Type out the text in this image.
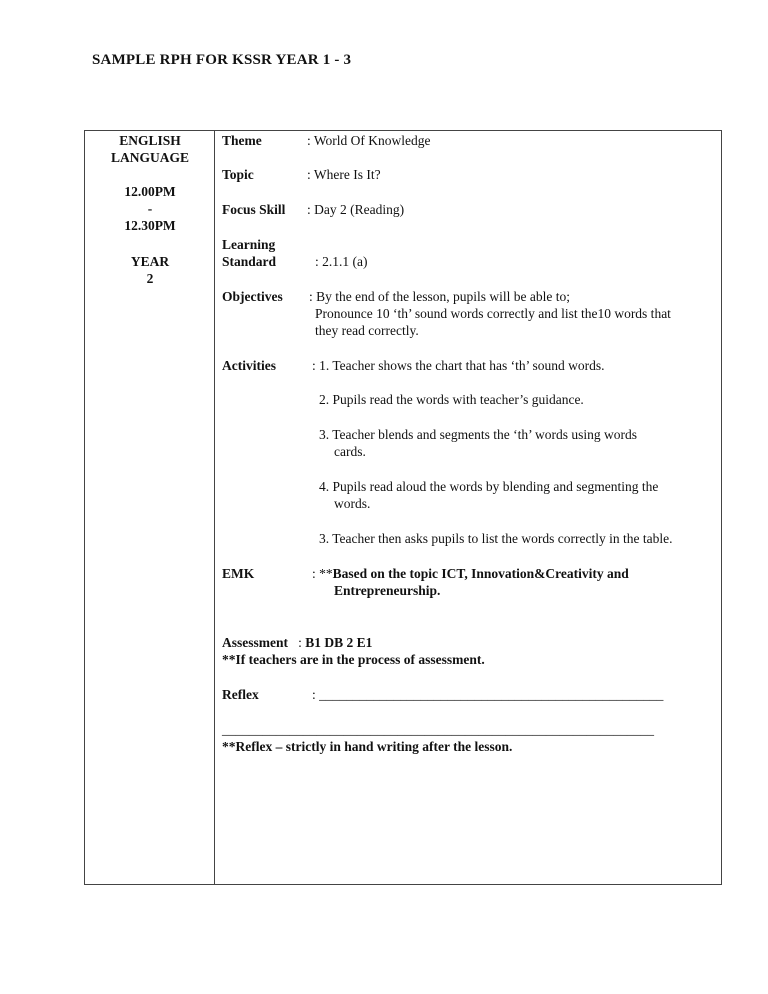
SAMPLE RPH FOR KSSR YEAR 1 - 3
ENGLISH
LANGUAGE
12.00PM
-
12.30PM
YEAR
2
Theme	: World Of Knowledge
Topic	: Where Is It?
Focus Skill : Day 2 (Reading)
Learning
Standard	: 2.1.1 (a)
Objectives : By the end of the lesson, pupils will be able to;
Pronounce 10 ‘th’ sound words correctly and list the10 words that
they read correctly.
Activities	: 1. Teacher shows the chart that has ‘th’ sound words.
2. Pupils read the words with teacher’s guidance.
3. Teacher blends and segments the ‘th’ words using words
cards.
4. Pupils read aloud the words by blending and segmenting the
words.
3. Teacher then asks pupils to list the words correctly in the table.
EMK	: **Based on the topic ICT, Innovation&Creativity and
Entrepreneurship.
Assessment : B1 DB 2 E1
**If teachers are in the process of assessment.
Reflex	: ___________________________________________________
________________________________________________________________
**Reflex – strictly in hand writing after the lesson.
